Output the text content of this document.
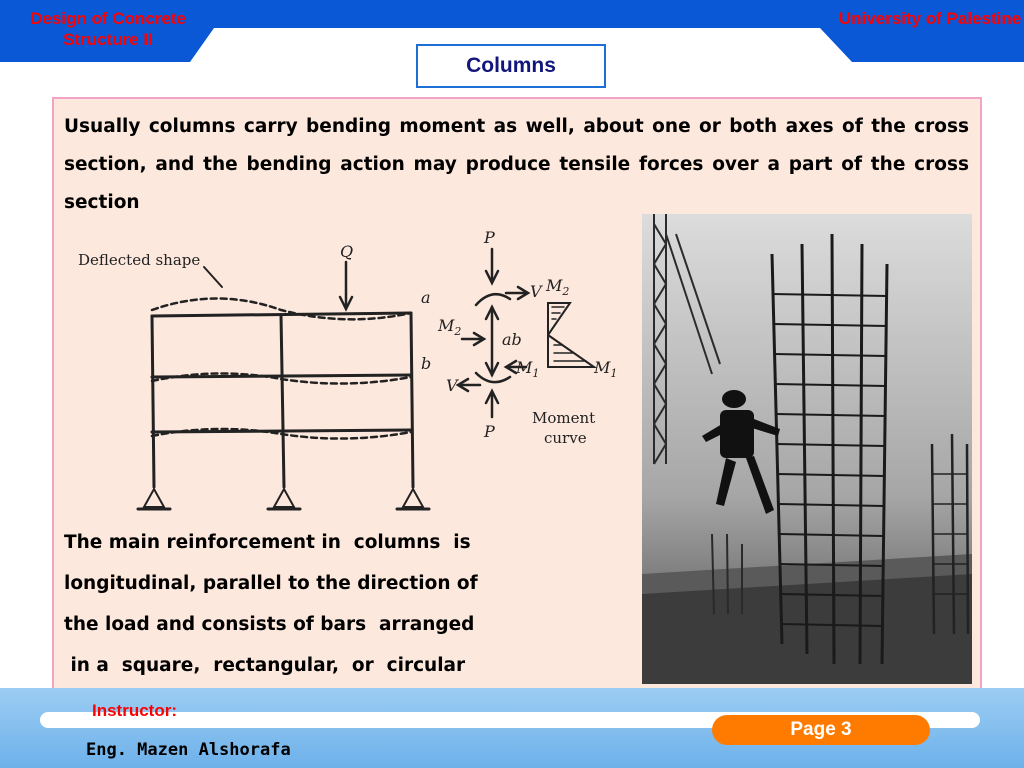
Design of Concrete Structure II
University of Palestine
Columns
Usually columns carry bending moment as well, about one or both axes of the cross section, and the bending action may produce tensile forces over a part of the cross section
Deflected shape	Q
a
b
P
P
V
V
ab
$M_2$
$M_1$
$M_2$
$M_1$
Moment
curve
The main reinforcement in  columns  is
longitudinal, parallel to the direction of
the load and consists of bars  arranged
in a  square,  rectangular,  or  circular
Instructor:
Eng. Mazen Alshorafa
Page 3
